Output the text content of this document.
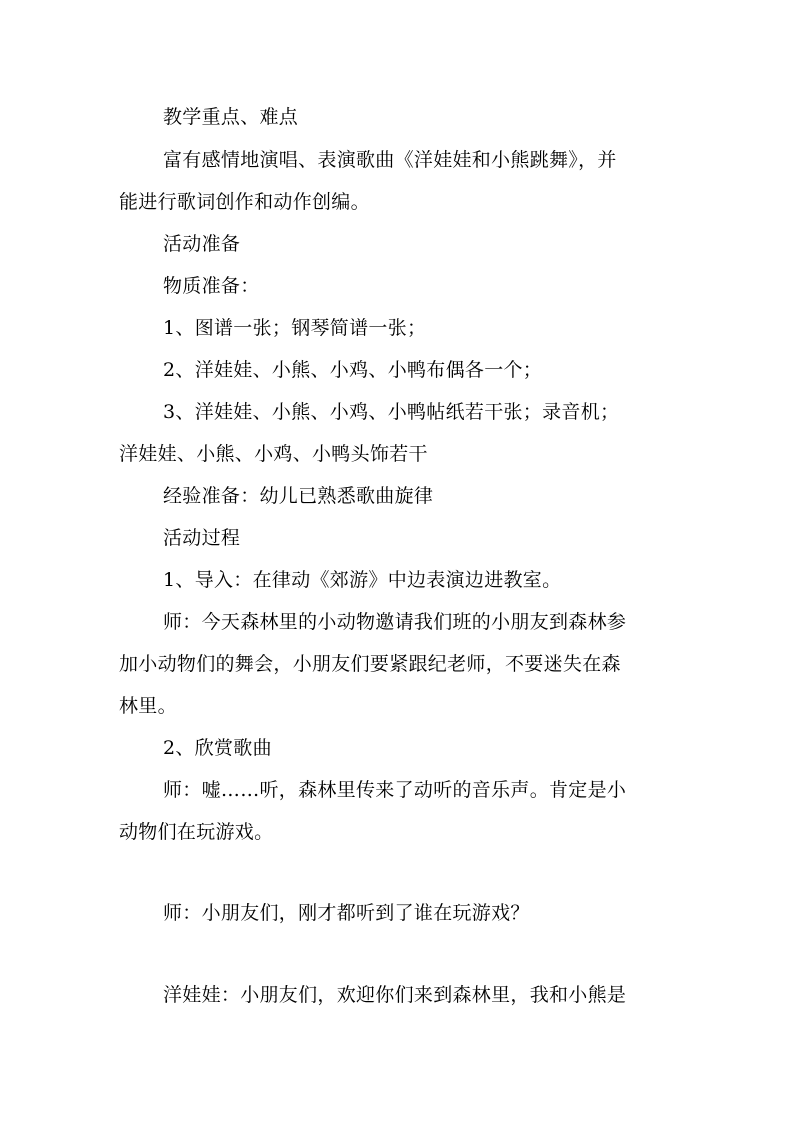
教学重点、难点
富有感情地演唱、表演歌曲《洋娃娃和小熊跳舞》，并
能进行歌词创作和动作创编。
活动准备
物质准备：
1、图谱一张；钢琴简谱一张；
2、洋娃娃、小熊、小鸡、小鸭布偶各一个；
3、洋娃娃、小熊、小鸡、小鸭帖纸若干张；录音机；
洋娃娃、小熊、小鸡、小鸭头饰若干
经验准备：幼儿已熟悉歌曲旋律
活动过程
1、导入：在律动《郊游》中边表演边进教室。
师：今天森林里的小动物邀请我们班的小朋友到森林参
加小动物们的舞会，小朋友们要紧跟纪老师，不要迷失在森
林里。
2、欣赏歌曲
师：嘘……听，森林里传来了动听的音乐声。肯定是小
动物们在玩游戏。
师：小朋友们，刚才都听到了谁在玩游戏？
洋娃娃：小朋友们，欢迎你们来到森林里，我和小熊是
